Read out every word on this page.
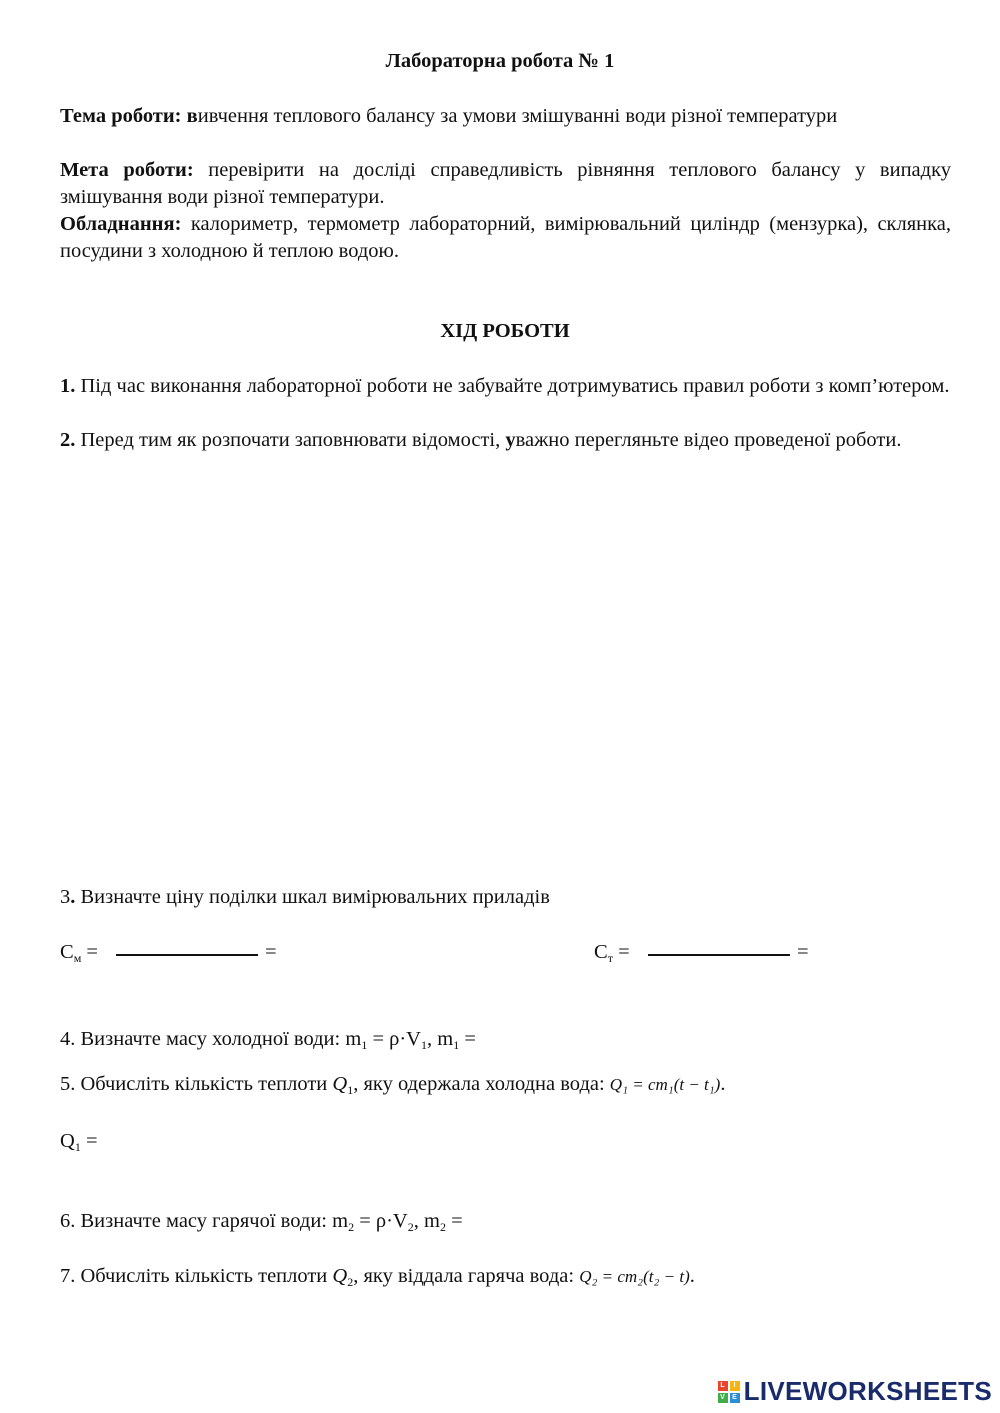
Лабораторна робота № 1
Тема роботи: вивчення теплового балансу за умови змішуванні води різної температури
Мета роботи: перевірити на досліді справедливість рівняння теплового балансу у випадку змішування води різної температури.
Обладнання: калориметр, термометр лабораторний, вимірювальний циліндр (мензурка), склянка, посудини з холодною й теплою водою.
ХІД РОБОТИ
1. Під час виконання лабораторної роботи не забувайте дотримуватись правил роботи з комп’ютером.
2. Перед тим як розпочати заповнювати відомості, уважно перегляньте відео проведеної роботи.
3. Визначте ціну поділки шкал вимірювальних приладів
$С_м$ =	=	$С_т$ =	=
4. Визначте масу холодної води: $m_1 = \rho\cdot V_1$, $m_1$ =
5. Обчисліть кількість теплоти $Q_1$, яку одержала холодна вода: Q₁ = cm₁(t − t₁).
$Q_1$ =
6. Визначте масу гарячої води: $m_2 = \rho\cdot V_2$, $m_2$ =
7. Обчисліть кількість теплоти $Q_2$, яку віддала гаряча вода: Q₂ = cm₂(t₂ − t).
L	I
V	E LIVEWORKSHEETS
